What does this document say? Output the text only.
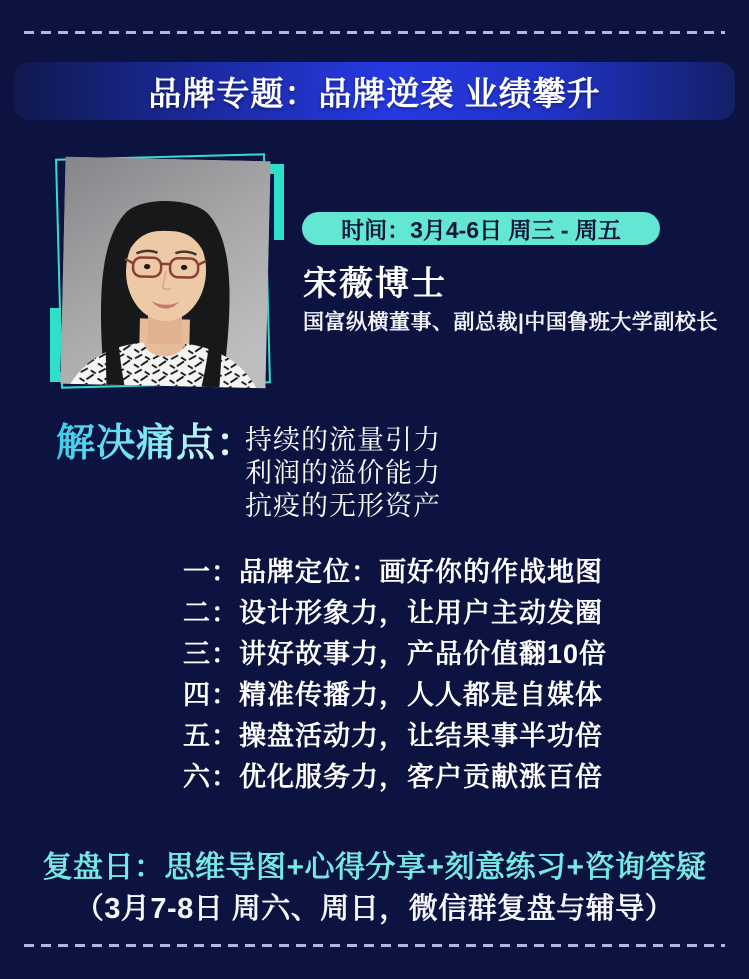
品牌专题：品牌逆袭 业绩攀升
时间：3月4-6日 周三 - 周五
宋薇博士
国富纵横董事、副总裁|中国鲁班大学副校长
解决痛点：
持续的流量引力
利润的溢价能力
抗疫的无形资产
一：品牌定位：画好你的作战地图
二：设计形象力，让用户主动发圈
三：讲好故事力，产品价值翻10倍
四：精准传播力，人人都是自媒体
五：操盘活动力，让结果事半功倍
六：优化服务力，客户贡献涨百倍
复盘日：思维导图+心得分享+刻意练习+咨询答疑
（3月7-8日 周六、周日，微信群复盘与辅导）
